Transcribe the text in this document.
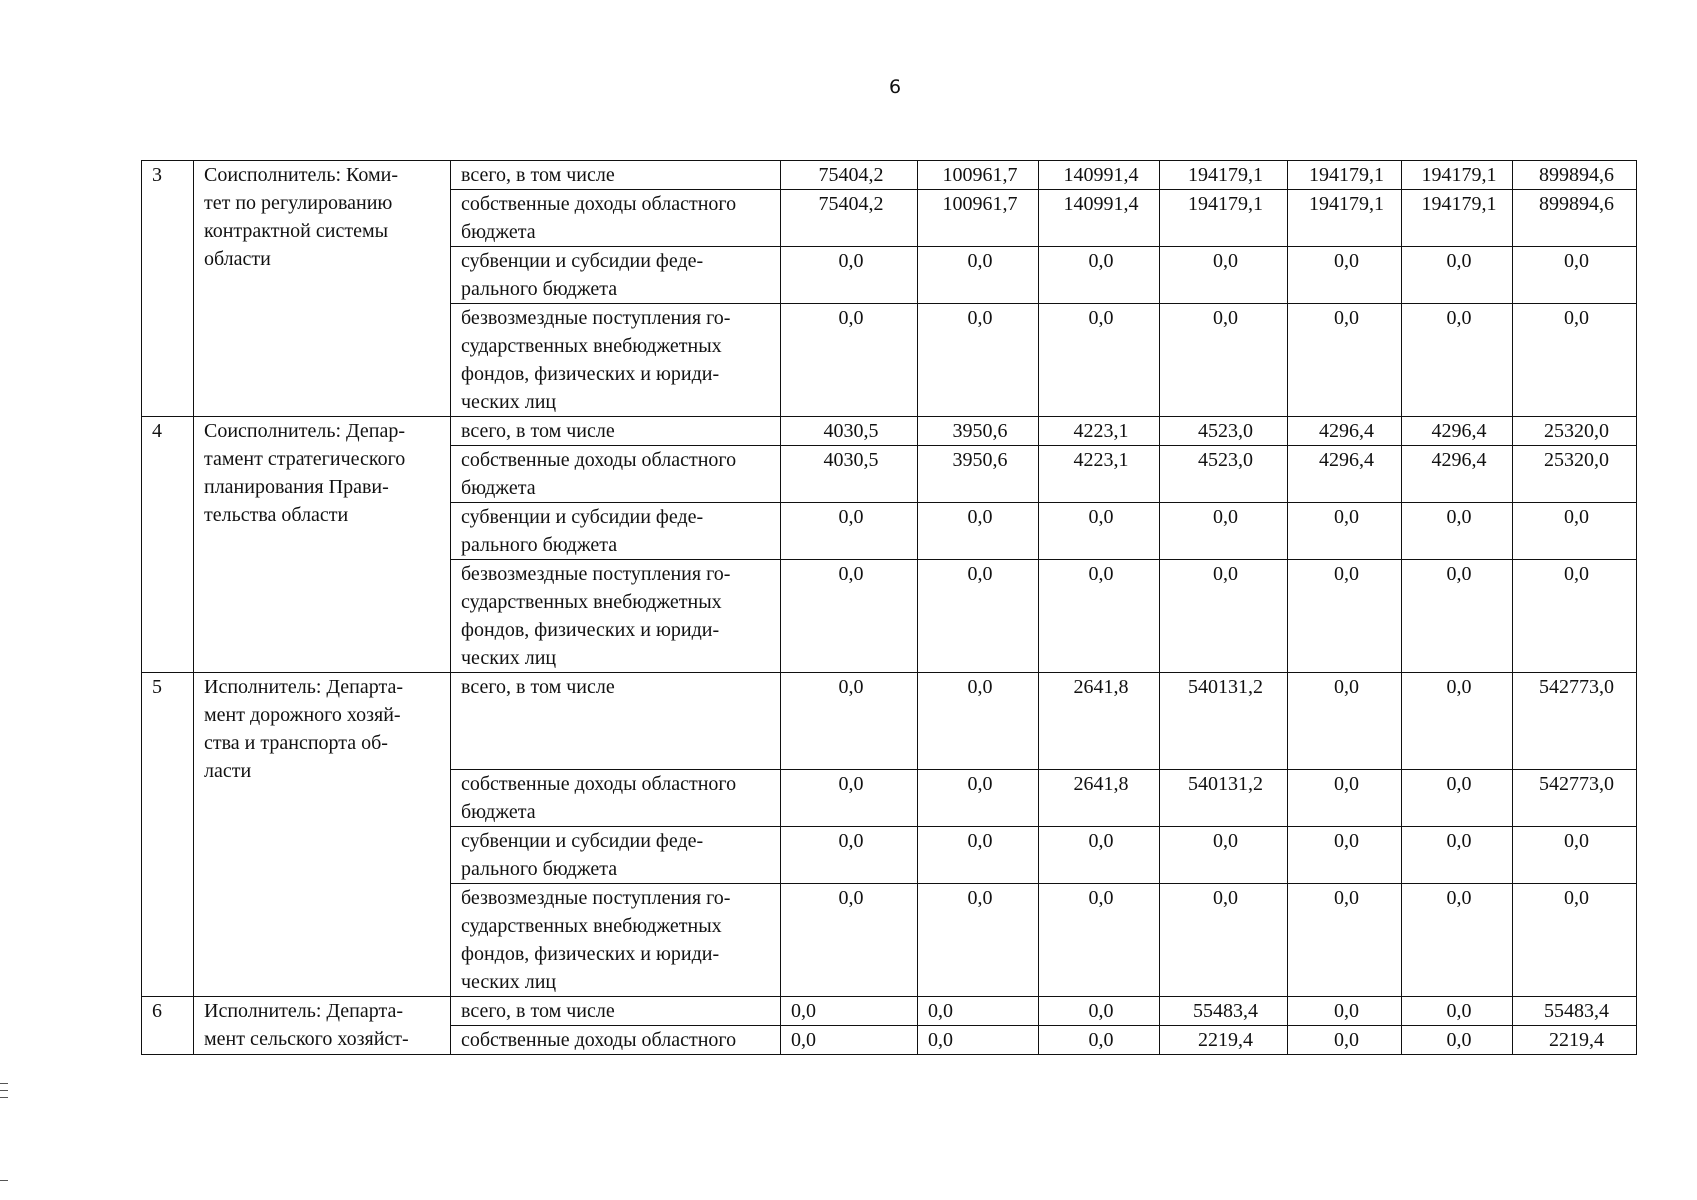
6
3	Соисполнитель: Коми-
тет по регулированию
контрактной системы
области	всего, в том числе	75404,2	100961,7	140991,4	194179,1	194179,1	194179,1	899894,6
		собственные доходы областного
бюджета	75404,2	100961,7	140991,4	194179,1	194179,1	194179,1	899894,6
		субвенции и субсидии феде-
рального бюджета	0,0	0,0	0,0	0,0	0,0	0,0	0,0
		безвозмездные поступления го-
сударственных внебюджетных
фондов, физических и юриди-
ческих лиц	0,0	0,0	0,0	0,0	0,0	0,0	0,0
4	Соисполнитель: Депар-
тамент стратегического
планирования Прави-
тельства области	всего, в том числе	4030,5	3950,6	4223,1	4523,0	4296,4	4296,4	25320,0
		собственные доходы областного
бюджета	4030,5	3950,6	4223,1	4523,0	4296,4	4296,4	25320,0
		субвенции и субсидии феде-
рального бюджета	0,0	0,0	0,0	0,0	0,0	0,0	0,0
		безвозмездные поступления го-
сударственных внебюджетных
фондов, физических и юриди-
ческих лиц	0,0	0,0	0,0	0,0	0,0	0,0	0,0
5	Исполнитель: Департа-
мент дорожного хозяй-
ства и транспорта об-
ласти	всего, в том числе	0,0	0,0	2641,8	540131,2	0,0	0,0	542773,0
		собственные доходы областного
бюджета	0,0	0,0	2641,8	540131,2	0,0	0,0	542773,0
		субвенции и субсидии феде-
рального бюджета	0,0	0,0	0,0	0,0	0,0	0,0	0,0
		безвозмездные поступления го-
сударственных внебюджетных
фондов, физических и юриди-
ческих лиц	0,0	0,0	0,0	0,0	0,0	0,0	0,0
6	Исполнитель: Департа-
мент сельского хозяйст-	всего, в том числе	0,0	0,0	0,0	55483,4	0,0	0,0	55483,4
		собственные доходы областного	0,0	0,0	0,0	2219,4	0,0	0,0	2219,4
